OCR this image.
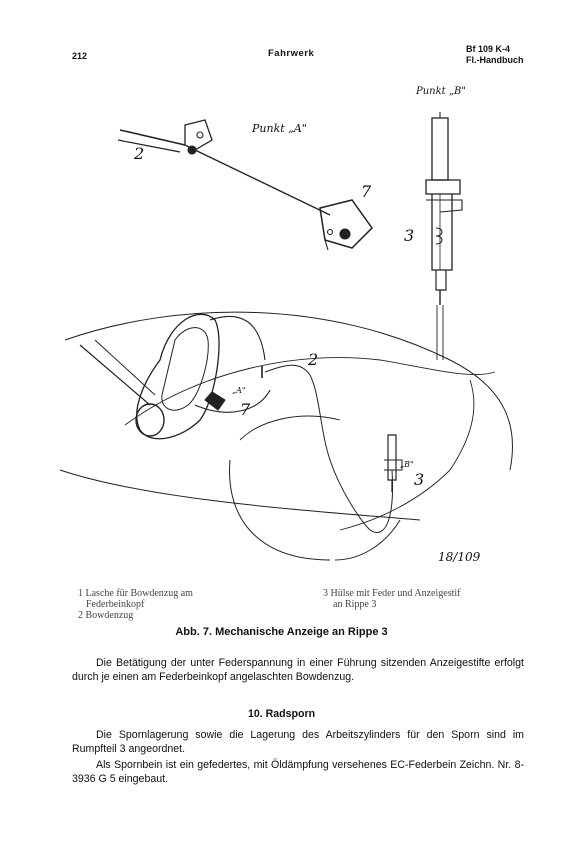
212	Fahrwerk	Bf 109 K-4
Fl.-Handbuch
Punkt „A"
Punkt „B"
2
7
3
2
7
3
„A"
„B"
18/109
1 Lasche für Bowdenzug am
Federbeinkopf
2 Bowdenzug
3 Hülse mit Feder und Anzeigestif
an Rippe 3
Abb. 7. Mechanische Anzeige an Rippe 3
Die Betätigung der unter Federspannung in einer Führung sitzenden Anzeigestifte erfolgt durch je einen am Federbeinkopf angelaschten Bowdenzug.
10. Radsporn
Die Spornlagerung sowie die Lagerung des Arbeitszylinders für den Sporn sind im Rumpfteil 3 angeordnet.
Als Spornbein ist ein gefedertes, mit Öldämpfung versehenes EC-Federbein Zeichn. Nr. 8-3936 G 5 eingebaut.
